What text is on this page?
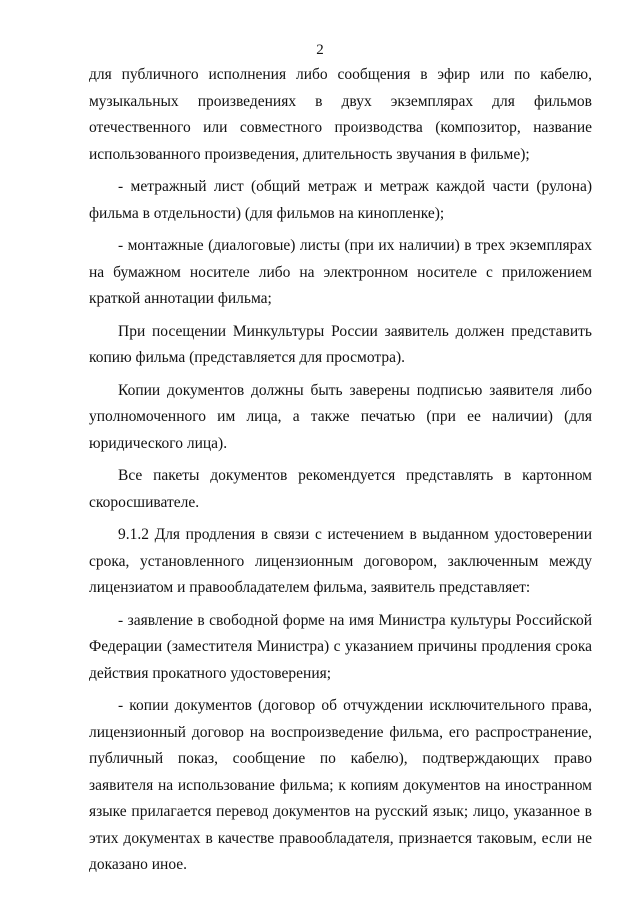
2

для публичного исполнения либо сообщения в эфир или по кабелю, музыкальных произведениях в двух экземплярах для фильмов отечественного или совместного производства (композитор, название использованного произведения, длительность звучания в фильме);

- метражный лист (общий метраж и метраж каждой части (рулона) фильма в отдельности) (для фильмов на кинопленке);

- монтажные (диалоговые) листы (при их наличии) в трех экземплярах на бумажном носителе либо на электронном носителе с приложением краткой аннотации фильма;

При посещении Минкультуры России заявитель должен представить копию фильма (представляется для просмотра).

Копии документов должны быть заверены подписью заявителя либо уполномоченного им лица, а также печатью (при ее наличии) (для юридического лица).

Все пакеты документов рекомендуется представлять в картонном скоросшивателе.

9.1.2 Для продления в связи с истечением в выданном удостоверении срока, установленного лицензионным договором, заключенным между лицензиатом и правообладателем фильма, заявитель представляет:

- заявление в свободной форме на имя Министра культуры Российской Федерации (заместителя Министра) с указанием причины продления срока действия прокатного удостоверения;

- копии документов (договор об отчуждении исключительного права, лицензионный договор на воспроизведение фильма, его распространение, публичный показ, сообщение по кабелю), подтверждающих право заявителя на использование фильма; к копиям документов на иностранном языке прилагается перевод документов на русский язык; лицо, указанное в этих документах в качестве правообладателя, признается таковым, если не доказано иное.
